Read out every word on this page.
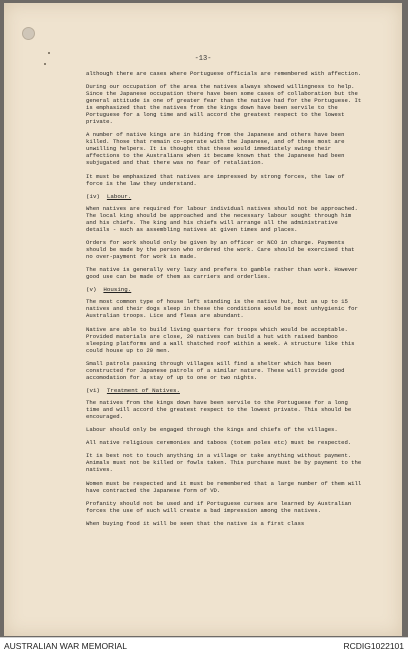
-13-

although there are cases where Portuguese officials are remembered with affection.

During our occupation of the area the natives always showed willingness to help. Since the Japanese occupation there have been some cases of collaboration but the general attitude is one of greater fear than the native had for the Portuguese. It is emphasized that the natives from the kings down have been servile to the Portuguese for a long time and will accord the greatest respect to the lowest private.

A number of native kings are in hiding from the Japanese and others have been killed. Those that remain co-operate with the Japanese, and of these most are unwilling helpers. It is thought that these would immediately swing their affections to the Australians when it became known that the Japanese had been subjugated and that there was no fear of retaliation.

It must be emphasized that natives are impressed by strong forces, the law of force is the law they understand.

(iv) Labour.

When natives are required for labour individual natives should not be approached. The local king should be approached and the necessary labour sought through him and his chiefs. The king and his chiefs will arrange all the administrative details - such as assembling natives at given times and places.

Orders for work should only be given by an officer or NCO in charge. Payments should be made by the person who ordered the work. Care should be exercised that no over-payment for work is made.

The native is generally very lazy and prefers to gamble rather than work. However good use can be made of them as carriers and orderlies.

(v) Housing.

The most common type of house left standing is the native hut, but as up to 15 natives and their dogs sleep in these the conditions would be most unhygienic for Australian troops. Lice and fleas are abundant.

Native are able to build living quarters for troops which would be acceptable. Provided materials are close, 20 natives can build a hut with raised bamboo sleeping platforms and a wall thatched roof within a week. A structure like this could house up to 20 men.

Small patrols passing through villages will find a shelter which has been constructed for Japanese patrols of a similar nature. These will provide good accomodation for a stay of up to one or two nights.

(vi) Treatment of Natives.

The natives from the kings down have been servile to the Portuguese for a long time and will accord the greatest respect to the lowest private. This should be encouraged.

Labour should only be engaged through the kings and chiefs of the villages.

All native religious ceremonies and taboos (totem poles etc) must be respected.

It is best not to touch anything in a village or take anything without payment. Animals must not be killed or fowls taken. This purchase must be by payment to the natives.

Women must be respected and it must be remembered that a large number of them will have contracted the Japanese form of VD.

Profanity should not be used and if Portuguese curses are learned by Australian forces the use of such will create a bad impression among the natives.

When buying food it will be seen that the native is a first class

AUSTRALIAN WAR MEMORIAL	RCDIG1022101
